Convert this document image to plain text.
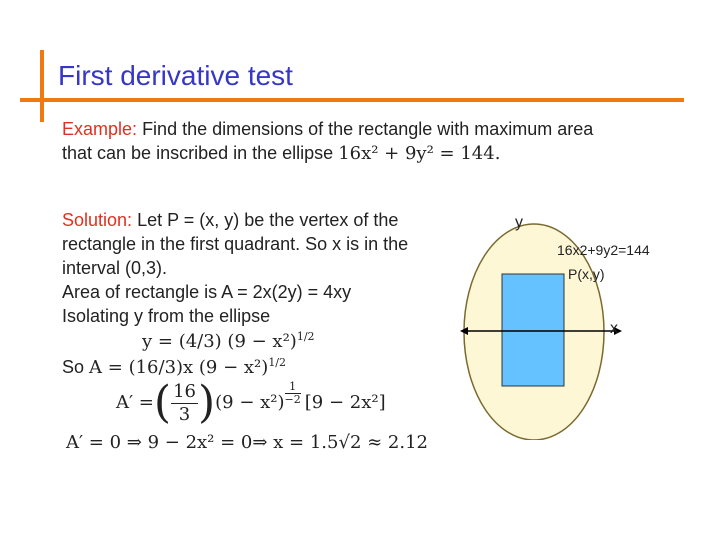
First derivative test
Example: Find the dimensions of the rectangle with maximum area
that can be inscribed in the ellipse 16x² + 9y² = 144.
Solution: Let P = (x, y) be the vertex of the
rectangle in the first quadrant. So x is in the
interval (0,3).
Area of rectangle is A = 2x(2y) = 4xy
Isolating y from the ellipse
y = (4/3) $(9 - x^2)^{1/2}$
So A = (16/3)x $(9 - x^2)^{1/2}$
A′ = ( $\frac{16}{3}$ ) $(9 - x^2) \frac{1}{-2} [9 - 2x^2]$
A′ = 0 ⇒ 9 − 2x² = 0⇒ x = 1.5√2 ≈ 2.12
y
x
16x2+9y2=144
P(x,y)
